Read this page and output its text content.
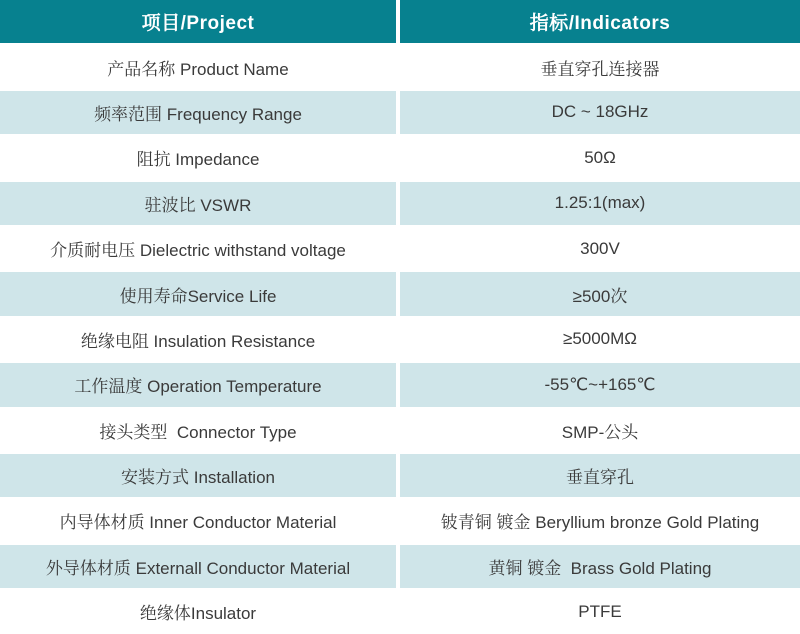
项目/Project	指标/Indicators
产品名称 Product Name	垂直穿孔连接器
频率范围 Frequency Range	DC ~ 18GHz
阻抗 Impedance	50Ω
驻波比 VSWR	1.25:1(max)
介质耐电压 Dielectric withstand voltage	300V
使用寿命Service Life	≥500次
绝缘电阻 Insulation Resistance	≥5000MΩ
工作温度 Operation Temperature	-55℃~+165℃
接头类型  Connector Type	SMP-公头
安装方式 Installation	垂直穿孔
内导体材质 Inner Conductor Material	铍青铜 镀金 Beryllium bronze Gold Plating
外导体材质 Externall Conductor Material	黄铜 镀金  Brass Gold Plating
绝缘体Insulator	PTFE
